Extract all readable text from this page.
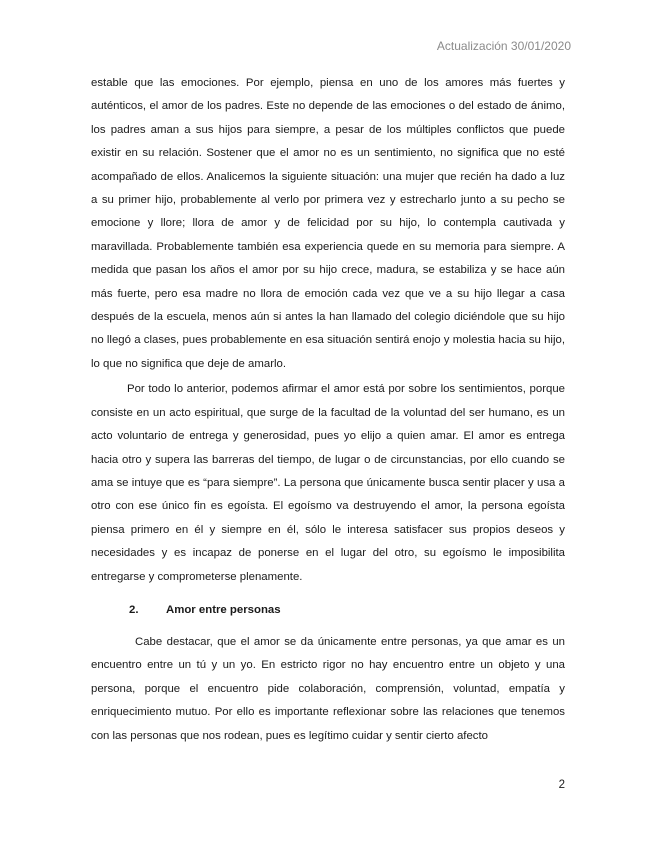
Actualización 30/01/2020

estable que las emociones. Por ejemplo, piensa en uno de los amores más fuertes y auténticos, el amor de los padres. Este no depende de las emociones o del estado de ánimo, los padres aman a sus hijos para siempre, a pesar de los múltiples conflictos que puede existir en su relación. Sostener que el amor no es un sentimiento, no significa que no esté acompañado de ellos. Analicemos la siguiente situación: una mujer que recién ha dado a luz a su primer hijo, probablemente al verlo por primera vez y estrecharlo junto a su pecho se emocione y llore; llora de amor y de felicidad por su hijo, lo contempla cautivada y maravillada. Probablemente también esa experiencia quede en su memoria para siempre. A medida que pasan los años el amor por su hijo crece, madura, se estabiliza y se hace aún más fuerte, pero esa madre no llora de emoción cada vez que ve a su hijo llegar a casa después de la escuela, menos aún si antes la han llamado del colegio diciéndole que su hijo no llegó a clases, pues probablemente en esa situación sentirá enojo y molestia hacia su hijo, lo que no significa que deje de amarlo.

Por todo lo anterior, podemos afirmar el amor está por sobre los sentimientos, porque consiste en un acto espiritual, que surge de la facultad de la voluntad del ser humano, es un acto voluntario de entrega y generosidad, pues yo elijo a quien amar. El amor es entrega hacia otro y supera las barreras del tiempo, de lugar o de circunstancias, por ello cuando se ama se intuye que es “para siempre”. La persona que únicamente busca sentir placer y usa a otro con ese único fin es egoísta. El egoísmo va destruyendo el amor, la persona egoísta piensa primero en él y siempre en él, sólo le interesa satisfacer sus propios deseos y necesidades y es incapaz de ponerse en el lugar del otro, su egoísmo le imposibilita entregarse y comprometerse plenamente.

2.	Amor entre personas

Cabe destacar, que el amor se da únicamente entre personas, ya que amar es un encuentro entre un tú y un yo. En estricto rigor no hay encuentro entre un objeto y una persona, porque el encuentro pide colaboración, comprensión, voluntad, empatía y enriquecimiento mutuo. Por ello es importante reflexionar sobre las relaciones que tenemos con las personas que nos rodean, pues es legítimo cuidar y sentir cierto afecto

2
